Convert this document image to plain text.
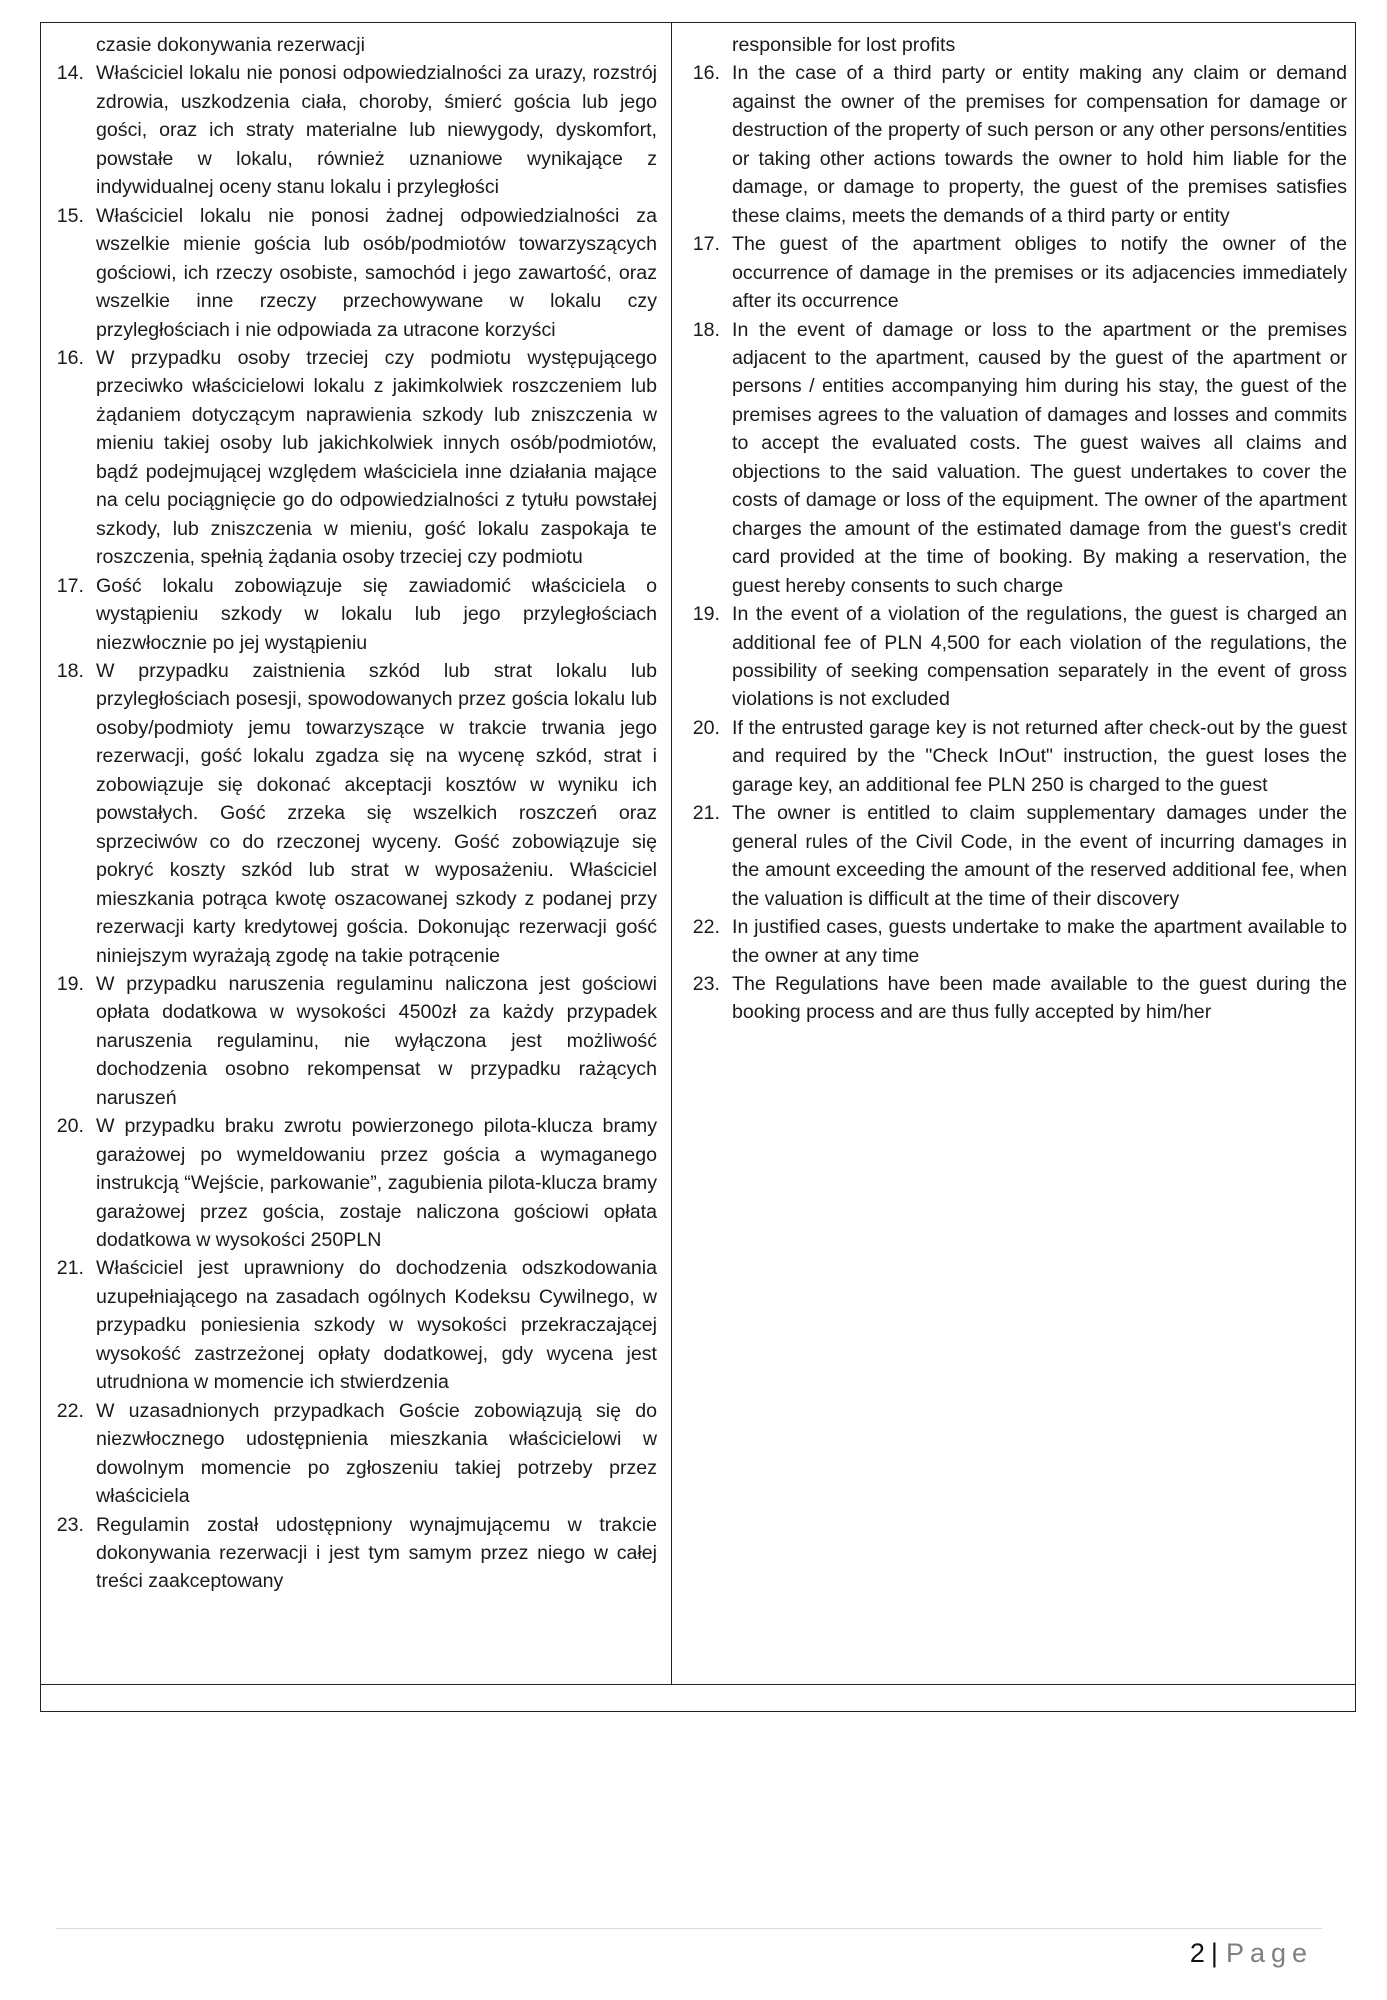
czasie dokonywania rezerwacji
14. Właściciel lokalu nie ponosi odpowiedzialności za urazy, rozstrój zdrowia, uszkodzenia ciała, choroby, śmierć gościa lub jego gości, oraz ich straty materialne lub niewygody, dyskomfort, powstałe w lokalu, również uznaniowe wynikające z indywidualnej oceny stanu lokalu i przyległości
15. Właściciel lokalu nie ponosi żadnej odpowiedzialności za wszelkie mienie gościa lub osób/podmiotów towarzyszących gościowi, ich rzeczy osobiste, samochód i jego zawartość, oraz wszelkie inne rzeczy przechowywane w lokalu czy przyległościach i nie odpowiada za utracone korzyści
16. W przypadku osoby trzeciej czy podmiotu występującego przeciwko właścicielowi lokalu z jakimkolwiek roszczeniem lub żądaniem dotyczącym naprawienia szkody lub zniszczenia w mieniu takiej osoby lub jakichkolwiek innych osób/podmiotów, bądź podejmującej względem właściciela inne działania mające na celu pociągnięcie go do odpowiedzialności z tytułu powstałej szkody, lub zniszczenia w mieniu, gość lokalu zaspokaja te roszczenia, spełnią żądania osoby trzeciej czy podmiotu
17. Gość lokalu zobowiązuje się zawiadomić właściciela o wystąpieniu szkody w lokalu lub jego przyległościach niezwłocznie po jej wystąpieniu
18. W przypadku zaistnienia szkód lub strat lokalu lub przyległościach posesji, spowodowanych przez gościa lokalu lub osoby/podmioty jemu towarzyszące w trakcie trwania jego rezerwacji, gość lokalu zgadza się na wycenę szkód, strat i zobowiązuje się dokonać akceptacji kosztów w wyniku ich powstałych. Gość zrzeka się wszelkich roszczeń oraz sprzeciwów co do rzeczonej wyceny. Gość zobowiązuje się pokryć koszty szkód lub strat w wyposażeniu. Właściciel mieszkania potrąca kwotę oszacowanej szkody z podanej przy rezerwacji karty kredytowej gościa. Dokonując rezerwacji gość niniejszym wyrażają zgodę na takie potrącenie
19. W przypadku naruszenia regulaminu naliczona jest gościowi opłata dodatkowa w wysokości 4500zł za każdy przypadek naruszenia regulaminu, nie wyłączona jest możliwość dochodzenia osobno rekompensat w przypadku rażących naruszeń
20. W przypadku braku zwrotu powierzonego pilota-klucza bramy garażowej po wymeldowaniu przez gościa a wymaganego instrukcją “Wejście, parkowanie”, zagubienia pilota-klucza bramy garażowej przez gościa, zostaje naliczona gościowi opłata dodatkowa w wysokości 250PLN
21. Właściciel jest uprawniony do dochodzenia odszkodowania uzupełniającego na zasadach ogólnych Kodeksu Cywilnego, w przypadku poniesienia szkody w wysokości przekraczającej wysokość zastrzeżonej opłaty dodatkowej, gdy wycena jest utrudniona w momencie ich stwierdzenia
22. W uzasadnionych przypadkach Goście zobowiązują się do niezwłocznego udostępnienia mieszkania właścicielowi w dowolnym momencie po zgłoszeniu takiej potrzeby przez właściciela
23. Regulamin został udostępniony wynajmującemu w trakcie dokonywania rezerwacji i jest tym samym przez niego w całej treści zaakceptowany
responsible for lost profits
16. In the case of a third party or entity making any claim or demand against the owner of the premises for compensation for damage or destruction of the property of such person or any other persons/entities or taking other actions towards the owner to hold him liable for the damage, or damage to property, the guest of the premises satisfies these claims, meets the demands of a third party or entity
17. The guest of the apartment obliges to notify the owner of the occurrence of damage in the premises or its adjacencies immediately after its occurrence
18. In the event of damage or loss to the apartment or the premises adjacent to the apartment, caused by the guest of the apartment or persons / entities accompanying him during his stay, the guest of the premises agrees to the valuation of damages and losses and commits to accept the evaluated costs. The guest waives all claims and objections to the said valuation. The guest undertakes to cover the costs of damage or loss of the equipment. The owner of the apartment charges the amount of the estimated damage from the guest's credit card provided at the time of booking. By making a reservation, the guest hereby consents to such charge
19. In the event of a violation of the regulations, the guest is charged an additional fee of PLN 4,500 for each violation of the regulations, the possibility of seeking compensation separately in the event of gross violations is not excluded
20. If the entrusted garage key is not returned after check-out by the guest and required by the "Check InOut" instruction, the guest loses the garage key, an additional fee PLN 250 is charged to the guest
21. The owner is entitled to claim supplementary damages under the general rules of the Civil Code, in the event of incurring damages in the amount exceeding the amount of the reserved additional fee, when the valuation is difficult at the time of their discovery
22. In justified cases, guests undertake to make the apartment available to the owner at any time
23. The Regulations have been made available to the guest during the booking process and are thus fully accepted by him/her
2 | Page
